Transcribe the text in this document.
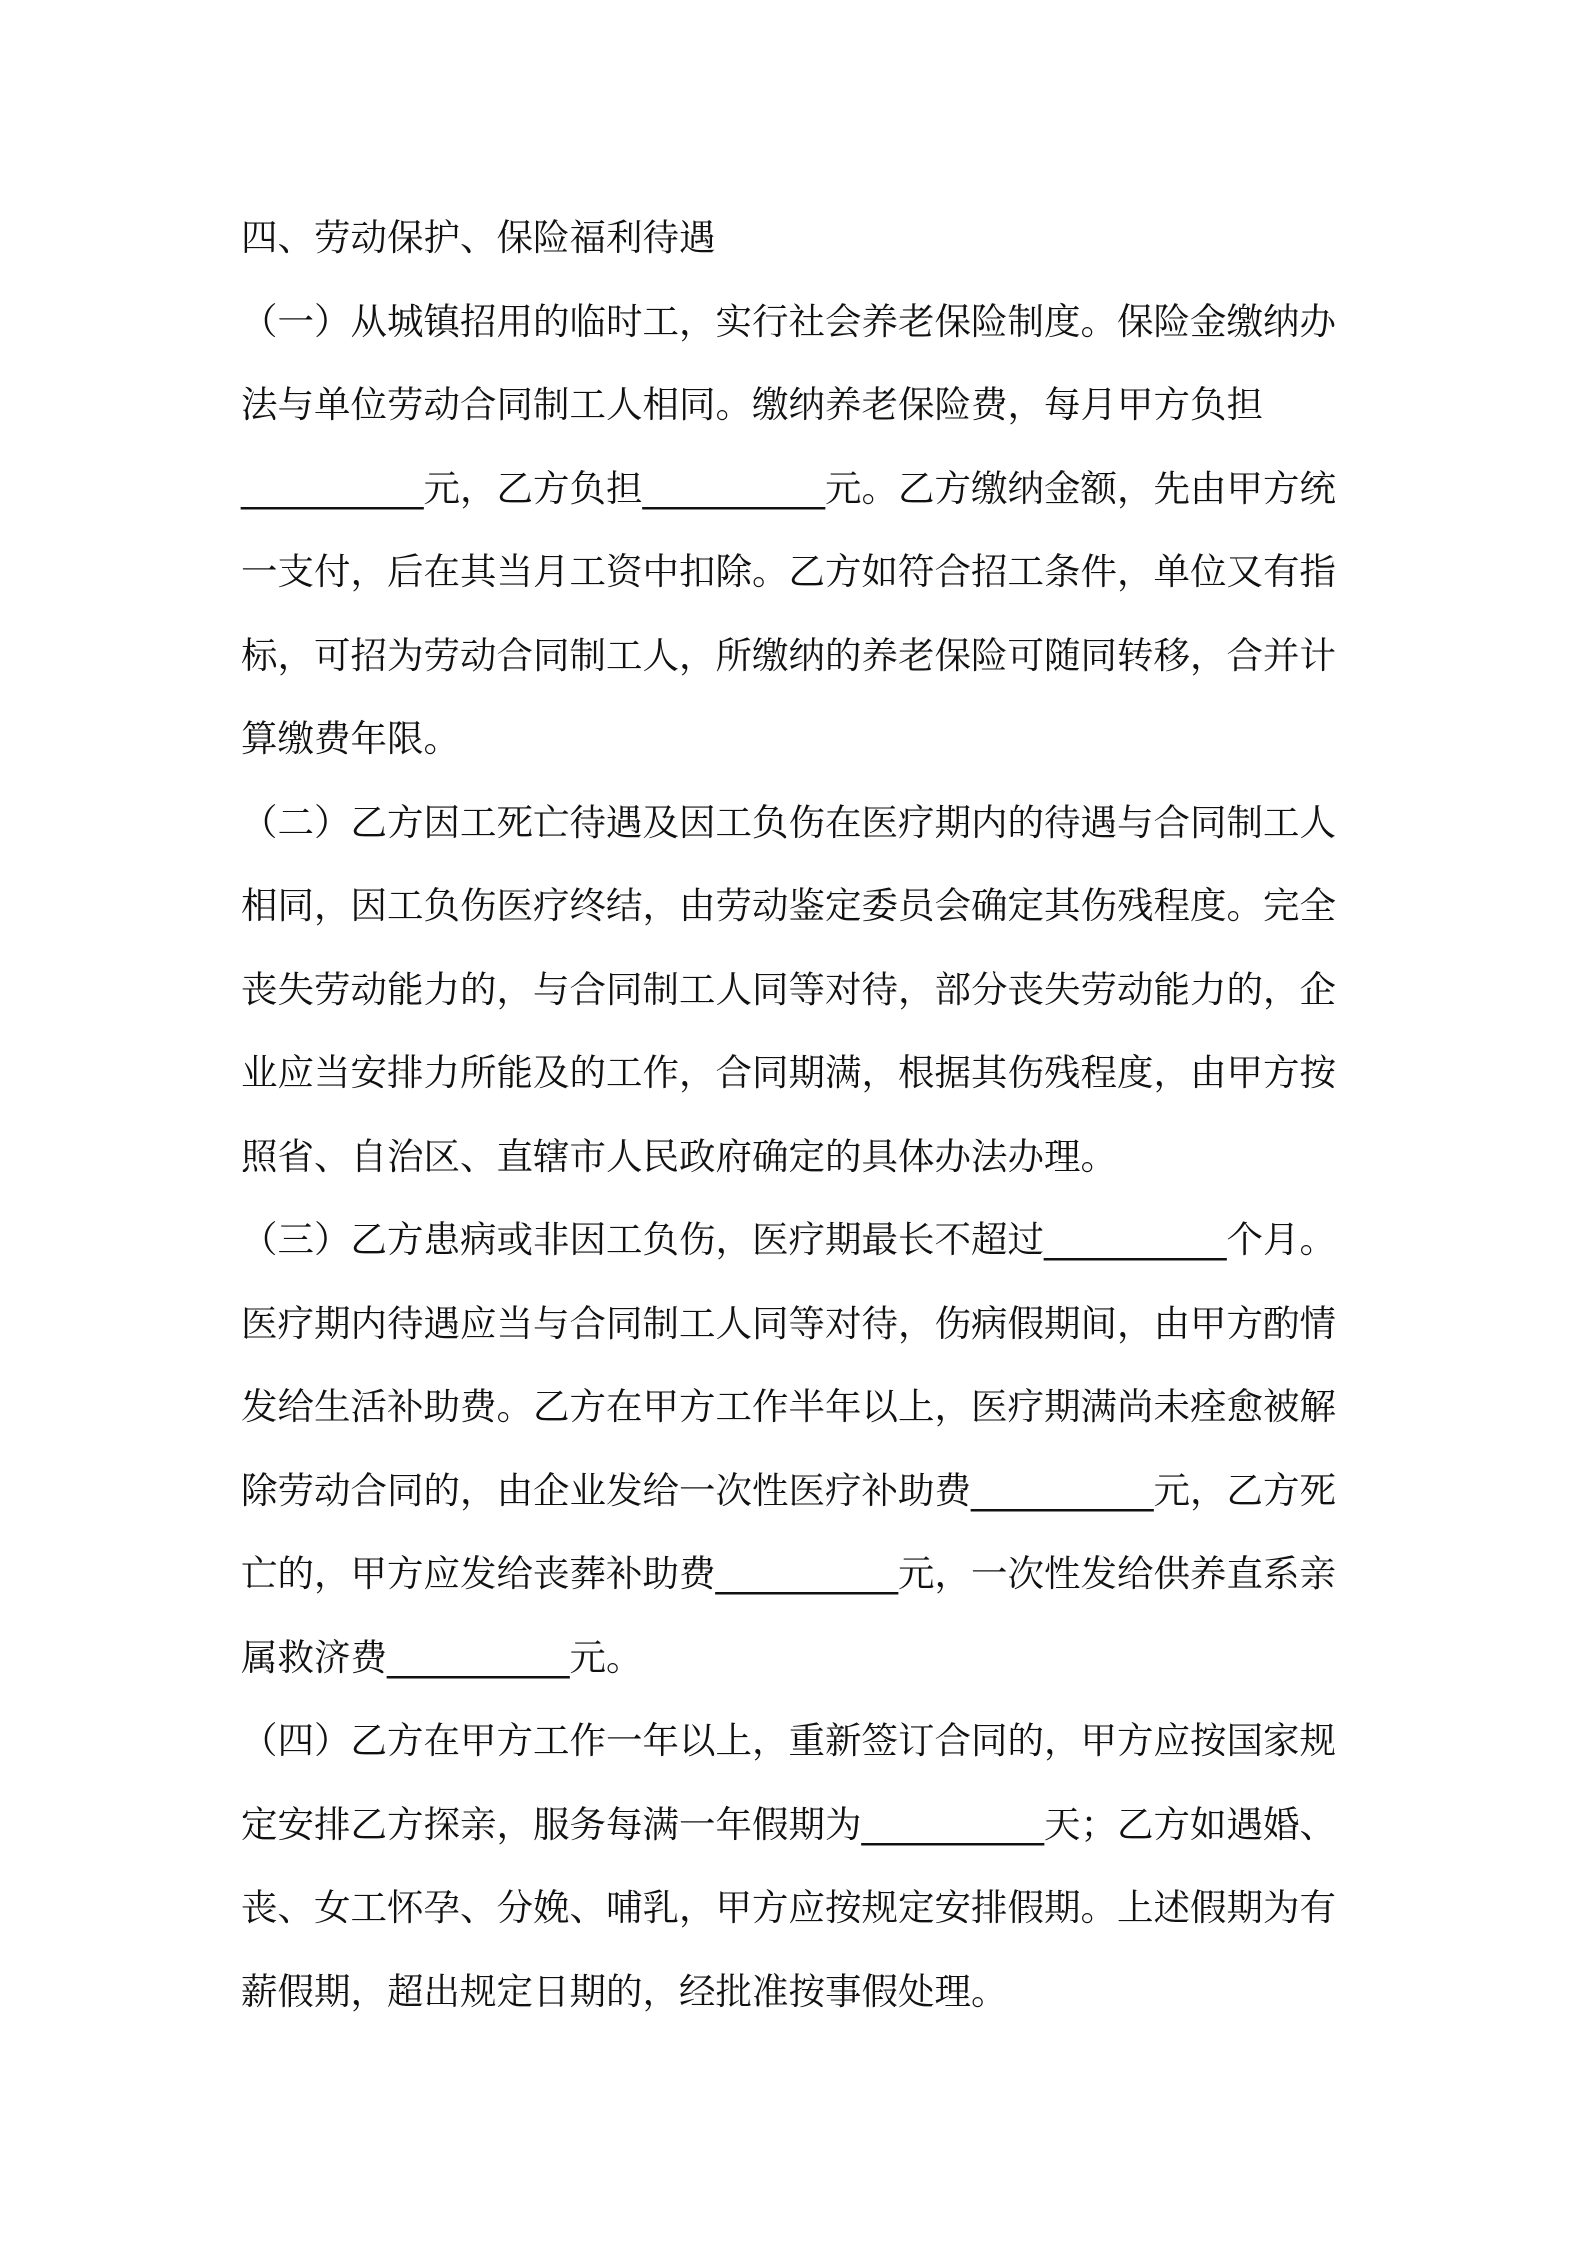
四、劳动保护、保险福利待遇
（一）从城镇招用的临时工，实行社会养老保险制度。保险金缴纳办
法与单位劳动合同制工人相同。缴纳养老保险费，每月甲方负担
__________元，乙方负担__________元。乙方缴纳金额，先由甲方统
一支付，后在其当月工资中扣除。乙方如符合招工条件，单位又有指
标，可招为劳动合同制工人，所缴纳的养老保险可随同转移，合并计
算缴费年限。
（二）乙方因工死亡待遇及因工负伤在医疗期内的待遇与合同制工人
相同，因工负伤医疗终结，由劳动鉴定委员会确定其伤残程度。完全
丧失劳动能力的，与合同制工人同等对待，部分丧失劳动能力的，企
业应当安排力所能及的工作，合同期满，根据其伤残程度，由甲方按
照省、自治区、直辖市人民政府确定的具体办法办理。
（三）乙方患病或非因工负伤，医疗期最长不超过__________个月。
医疗期内待遇应当与合同制工人同等对待，伤病假期间，由甲方酌情
发给生活补助费。乙方在甲方工作半年以上，医疗期满尚未痊愈被解
除劳动合同的，由企业发给一次性医疗补助费__________元，乙方死
亡的，甲方应发给丧葬补助费__________元，一次性发给供养直系亲
属救济费__________元。
（四）乙方在甲方工作一年以上，重新签订合同的，甲方应按国家规
定安排乙方探亲，服务每满一年假期为__________天；乙方如遇婚、
丧、女工怀孕、分娩、哺乳，甲方应按规定安排假期。上述假期为有
薪假期，超出规定日期的，经批准按事假处理。
